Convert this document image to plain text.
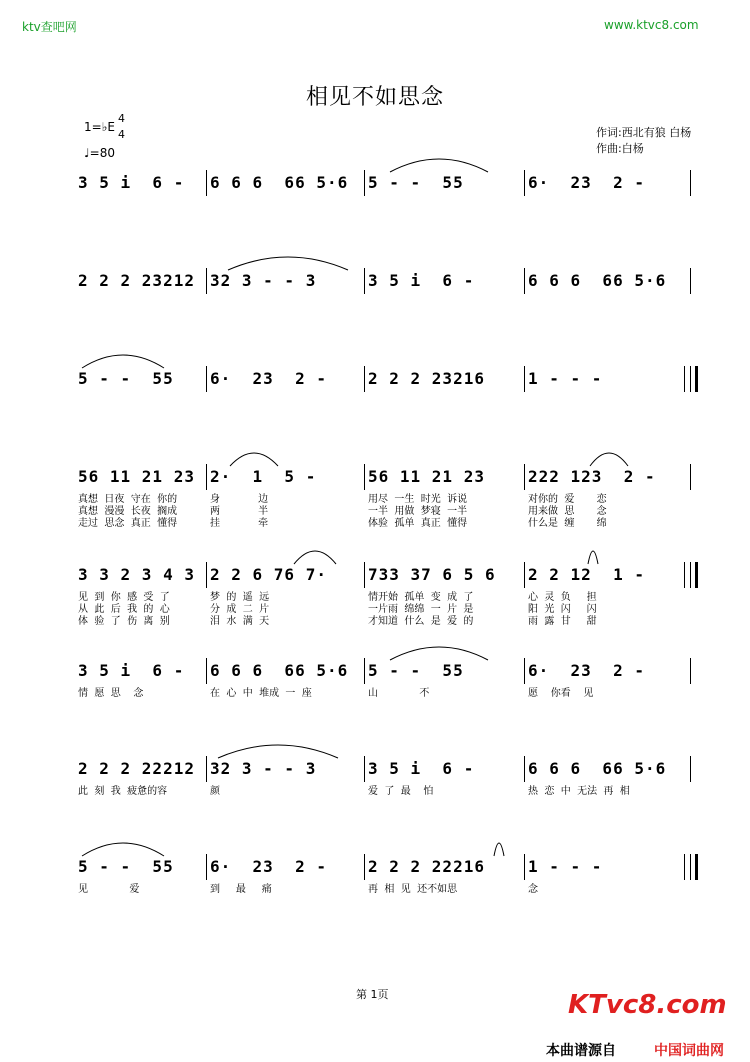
ktv查吧网	www.ktvc8.com
相见不如思念
1=♭E
4
4
♩=80
作词:西北有狼 白杨
作曲:白杨
3 5 i  6 - 6 6 6  66 5·6 5 - -  55	6·  23  2 -
2 2 2 23212 32 3 - - 3	3 5 i  6 -	6 6 6  66 5·6
5 - -  55 6·  23  2 -	2 2 2 23216	1 - - -
56 11 21 23 2·  1  5 -	56 11 21 23	222 123  2 -
真想  日夜  守在  你的	身            边	用尽  一生  时光  诉说	对你的  爱       恋
真想  漫漫  长夜  搁成	两            半	一半  用做  梦寝  一半	用来做  思       念
走过  思念  真正  懂得	挂            牵	体验  孤单  真正  懂得	什么是  缠       绵
3 3 2 3 4 3 2 2 6 76 7·	733 37 6 5 6 2 2 12  1 -
见  到  你  感  受  了	梦  的  遥  远	情开始  孤单  变  成  了	心  灵  负     担
从  此  后  我  的  心	分  成  二  片	一片雨  绵绵  一  片  是	阳  光  闪     闪
体  验  了  伤  离  别	泪  水  满  天	才知道  什么  是  爱  的	雨  露  甘     甜
3 5 i  6 - 6 6 6  66 5·6 5 - -  55	6·  23  2 -
情  愿  思    念	在  心  中  堆成  一  座	山             不	愿    你看    见
2 2 2 22212 32 3 - - 3	3 5 i  6 -	6 6 6  66 5·6
此  刻  我  疲惫的容	颜	爱  了  最    怕	热  恋  中  无法  再  相
5 - -  55 6·  23  2 -	2 2 2 22216	1 - - -
见             爱	到     最     痛	再  相  见  还不如思	念
第 1页	KTvc8.com
本曲谱源自	中国词曲网
